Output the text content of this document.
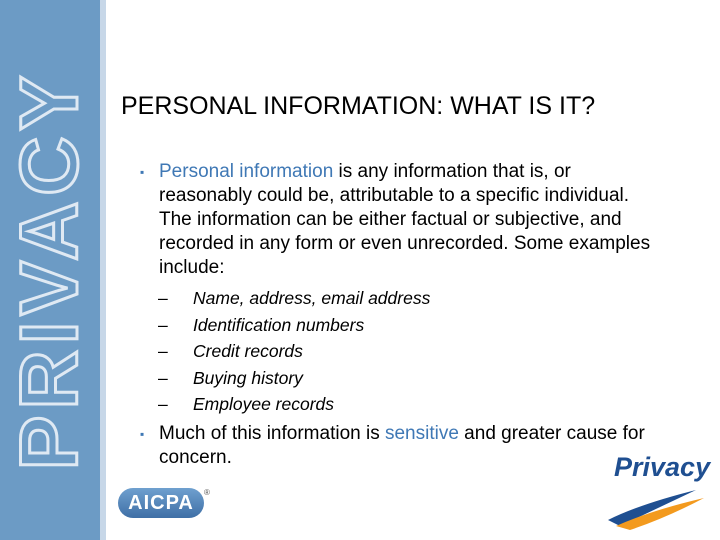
PRIVACY PERSONAL INFORMATION: WHAT IS IT?
▪ Personal information is any information that is, or reasonably could be, attributable to a specific individual. The information can be either factual or subjective, and recorded in any form or even unrecorded. Some examples include:
–	Name, address, email address
–	Identification numbers
–	Credit records
–	Buying history
–	Employee records
▪ Much of this information is sensitive and greater cause for concern.
AICPA	®
Privacy
